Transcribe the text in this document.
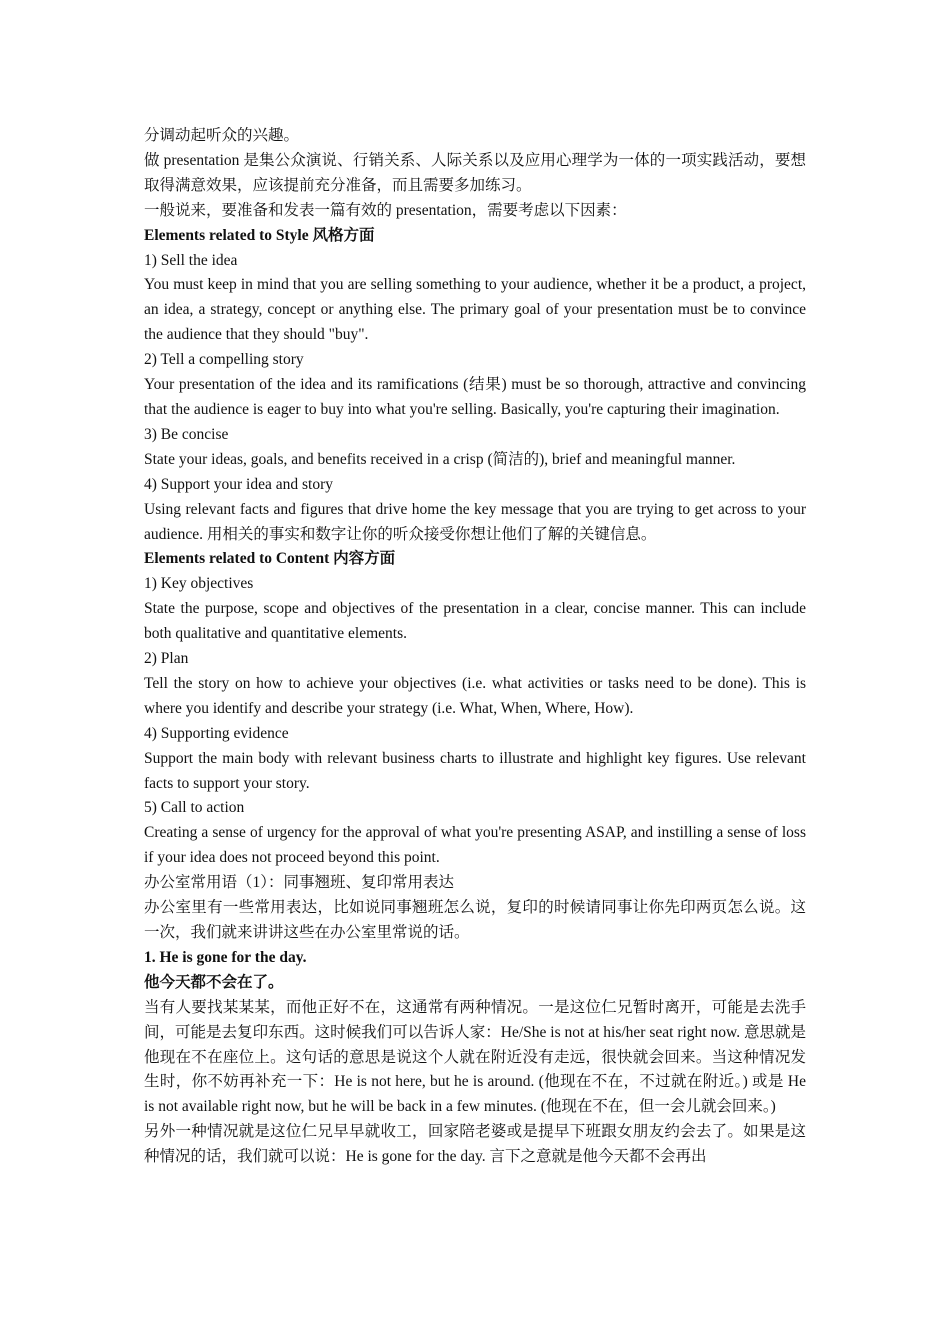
分调动起听众的兴趣。

做 presentation 是集公众演说、行销关系、人际关系以及应用心理学为一体的一项实践活动，要想取得满意效果，应该提前充分准备，而且需要多加练习。

一般说来，要准备和发表一篇有效的 presentation，需要考虑以下因素：

Elements related to Style 风格方面

1) Sell the idea

You must keep in mind that you are selling something to your audience, whether it be a product, a project, an idea, a strategy, concept or anything else. The primary goal of your presentation must be to convince the audience that they should "buy".

2) Tell a compelling story

Your presentation of the idea and its ramifications (结果) must be so thorough, attractive and convincing that the audience is eager to buy into what you're selling. Basically, you're capturing their imagination.

3) Be concise

State your ideas, goals, and benefits received in a crisp (简洁的), brief and meaningful manner.

4) Support your idea and story

Using relevant facts and figures that drive home the key message that you are trying to get across to your audience. 用相关的事实和数字让你的听众接受你想让他们了解的关键信息。

Elements related to Content 内容方面

1) Key objectives

State the purpose, scope and objectives of the presentation in a clear, concise manner. This can include both qualitative and quantitative elements.

2) Plan

Tell the story on how to achieve your objectives (i.e. what activities or tasks need to be done). This is where you identify and describe your strategy (i.e. What, When, Where, How).

4) Supporting evidence

Support the main body with relevant business charts to illustrate and highlight key figures. Use relevant facts to support your story.

5) Call to action

Creating a sense of urgency for the approval of what you're presenting ASAP, and instilling a sense of loss if your idea does not proceed beyond this point.

办公室常用语（1）：同事翘班、复印常用表达

办公室里有一些常用表达，比如说同事翘班怎么说，复印的时候请同事让你先印两页怎么说。这一次，我们就来讲讲这些在办公室里常说的话。

1. He is gone for the day.

他今天都不会在了。

当有人要找某某某，而他正好不在，这通常有两种情况。一是这位仁兄暂时离开，可能是去洗手间，可能是去复印东西。这时候我们可以告诉人家：He/She is not at his/her seat right now. 意思就是他现在不在座位上。这句话的意思是说这个人就在附近没有走远，很快就会回来。当这种情况发生时，你不妨再补充一下：He is not here, but he is around. (他现在不在，不过就在附近。) 或是 He is not available right now, but he will be back in a few minutes. (他现在不在，但一会儿就会回来。)

另外一种情况就是这位仁兄早早就收工，回家陪老婆或是提早下班跟女朋友约会去了。如果是这种情况的话，我们就可以说：He is gone for the day. 言下之意就是他今天都不会再出
